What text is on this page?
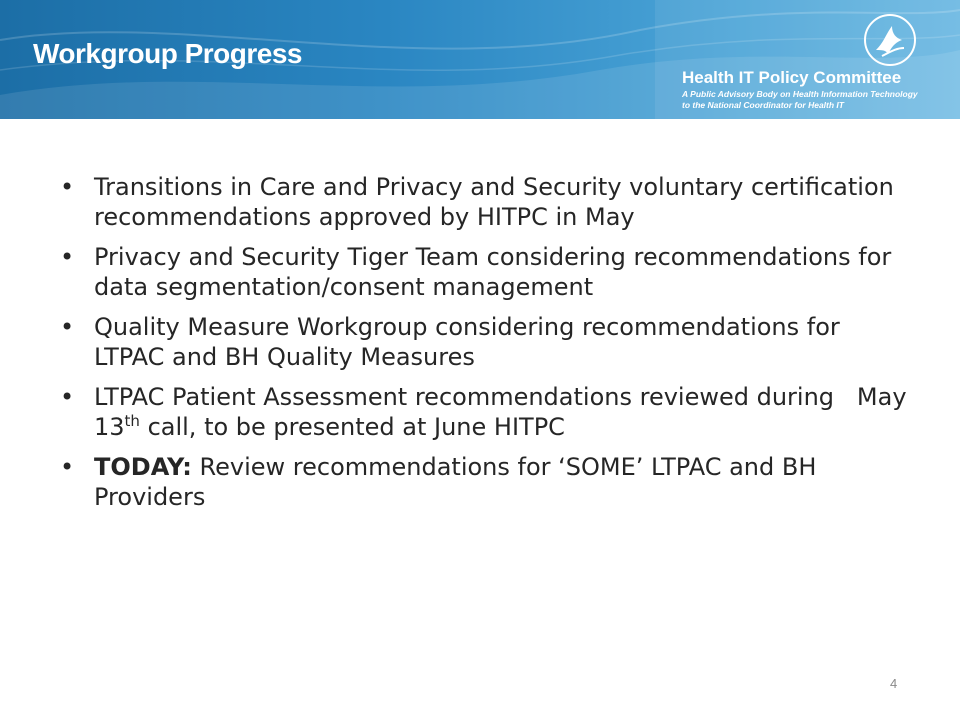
Workgroup Progress
Health IT Policy Committee
A Public Advisory Body on Health Information Technology
to the National Coordinator for Health IT
• Transitions in Care and Privacy and Security voluntary certification recommendations approved by HITPC in May
• Privacy and Security Tiger Team considering recommendations for data segmentation/consent management
• Quality Measure Workgroup considering recommendations for LTPAC and BH Quality Measures
• LTPAC Patient Assessment recommendations reviewed during   May 13th call, to be presented at June HITPC
• TODAY: Review recommendations for ‘SOME’ LTPAC and BH Providers
4
